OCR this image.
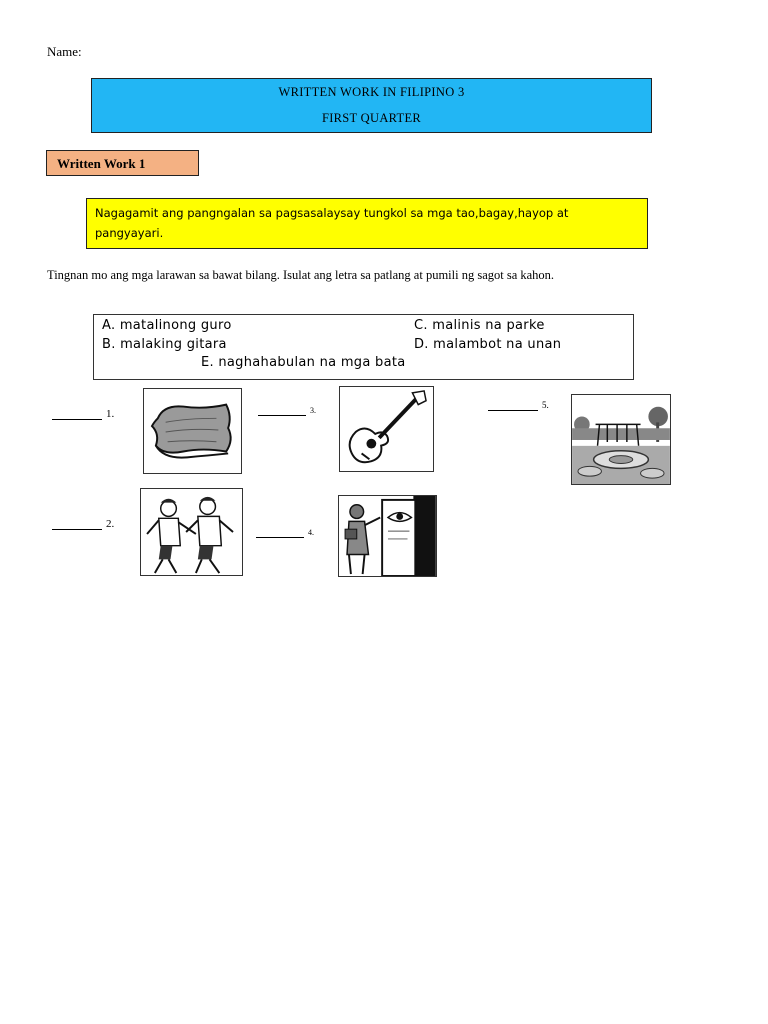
Name:
WRITTEN WORK IN FILIPINO 3
FIRST QUARTER
Written Work 1
Nagagamit ang pangngalan sa pagsasalaysay tungkol sa mga tao,bagay,hayop at pangyayari.
Tingnan mo ang mga larawan sa bawat bilang. Isulat ang letra sa patlang at pumili ng sagot sa kahon.
A. matalinong guro	C. malinis na parke
B. malaking gitara	D. malambot na unan
E. naghahabulan na mga bata
1.
2.
3.
4.
5.
